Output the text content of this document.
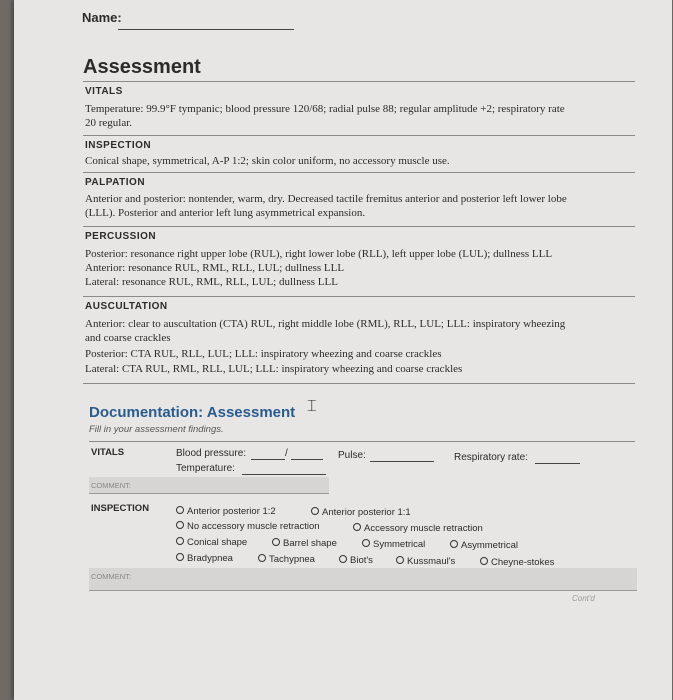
Name:
Assessment
VITALS
Temperature: 99.9°F tympanic; blood pressure 120/68; radial pulse 88; regular amplitude +2; respiratory rate
20 regular.
INSPECTION
Conical shape, symmetrical, A-P 1:2; skin color uniform, no accessory muscle use.
PALPATION
Anterior and posterior: nontender, warm, dry. Decreased tactile fremitus anterior and posterior left lower lobe
(LLL). Posterior and anterior left lung asymmetrical expansion.
PERCUSSION
Posterior: resonance right upper lobe (RUL), right lower lobe (RLL), left upper lobe (LUL); dullness LLL
Anterior: resonance RUL, RML, RLL, LUL; dullness LLL
Lateral: resonance RUL, RML, RLL, LUL; dullness LLL
AUSCULTATION
Anterior: clear to auscultation (CTA) RUL, right middle lobe (RML), RLL, LUL; LLL: inspiratory wheezing
and coarse crackles
Posterior: CTA RUL, RLL, LUL; LLL: inspiratory wheezing and coarse crackles
Lateral: CTA RUL, RML, RLL, LUL; LLL: inspiratory wheezing and coarse crackles
Documentation: Assessment ⌶
Fill in your assessment findings.
VITALS	Blood pressure:	/	Pulse:	Respiratory rate:
Temperature:
COMMENT:
INSPECTION	Anterior posterior 1:2	Anterior posterior 1:1
No accessory muscle retraction	Accessory muscle retraction
Conical shape	Barrel shape	Symmetrical	Asymmetrical
Bradypnea	Tachypnea	Biot's	Kussmaul's	Cheyne-stokes
COMMENT:
Cont'd
